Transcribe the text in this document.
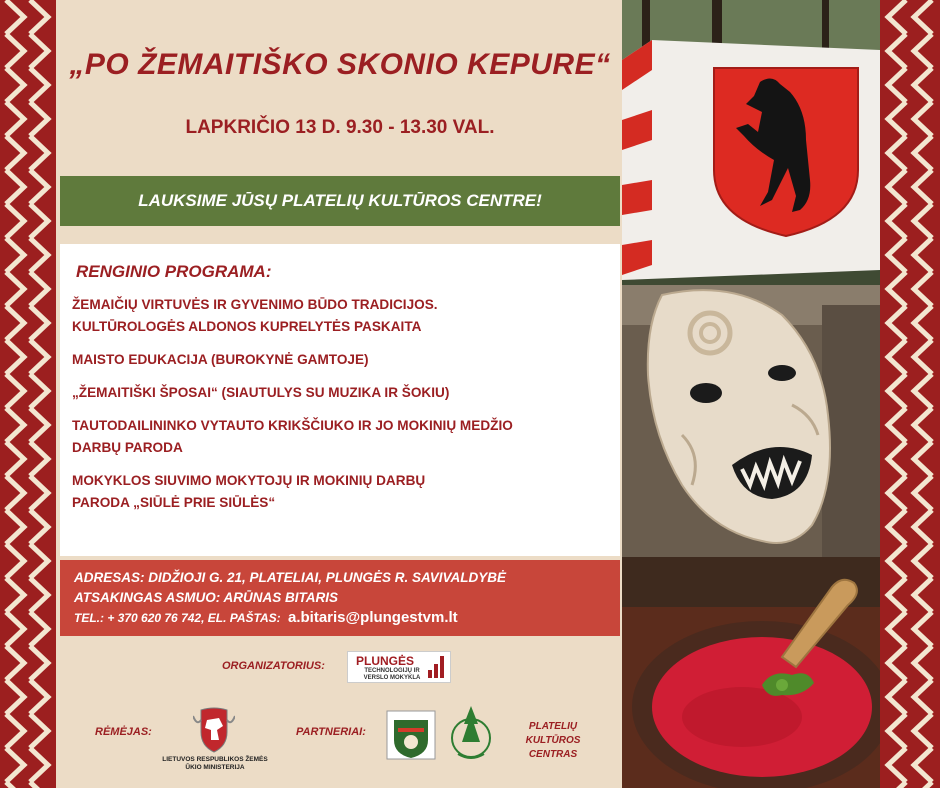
„PO ŽEMAITIŠKO SKONIO KEPURE“
LAPKRIČIO 13 D. 9.30 - 13.30 VAL.
LAUKSIME JŪSŲ PLATELIŲ KULTŪROS CENTRE!
RENGINIO PROGRAMA:
ŽEMAIČIŲ VIRTUVĖS IR GYVENIMO BŪDO TRADICIJOS.
KULTŪROLOGĖS ALDONOS KUPRELYTĖS PASKAITA
MAISTO EDUKACIJA (BUROKYNĖ GAMTOJE)
„ŽEMAITIŠKI ŠPOSAI“ (SIAUTULYS SU MUZIKA IR ŠOKIU)
TAUTODAILININKO VYTAUTO KRIKŠČIUKO IR JO MOKINIŲ MEDŽIO
DARBŲ PARODA
MOKYKLOS SIUVIMO MOKYTOJŲ IR MOKINIŲ DARBŲ
PARODA „SIŪLĖ PRIE SIŪLĖS“

ADRESAS: DIDŽIOJI G. 21, PLATELIAI, PLUNGĖS R. SAVIVALDYBĖ

ATSAKINGAS ASMUO: ARŪNAS BITARIS

TEL.: + 370 620 76 742, EL. PAŠTAS: a.bitaris@plungestvm.lt

ORGANIZATORIUS:	PLUNGĖS
TECHNOLOGIJŲ IR VERSLO MOKYKLA
RĖMĖJAS:
LIETUVOS RESPUBLIKOS ŽEMĖS ŪKIO MINISTERIJA
PARTNERIAI:	PLATELIŲ KULTŪROS CENTRAS
